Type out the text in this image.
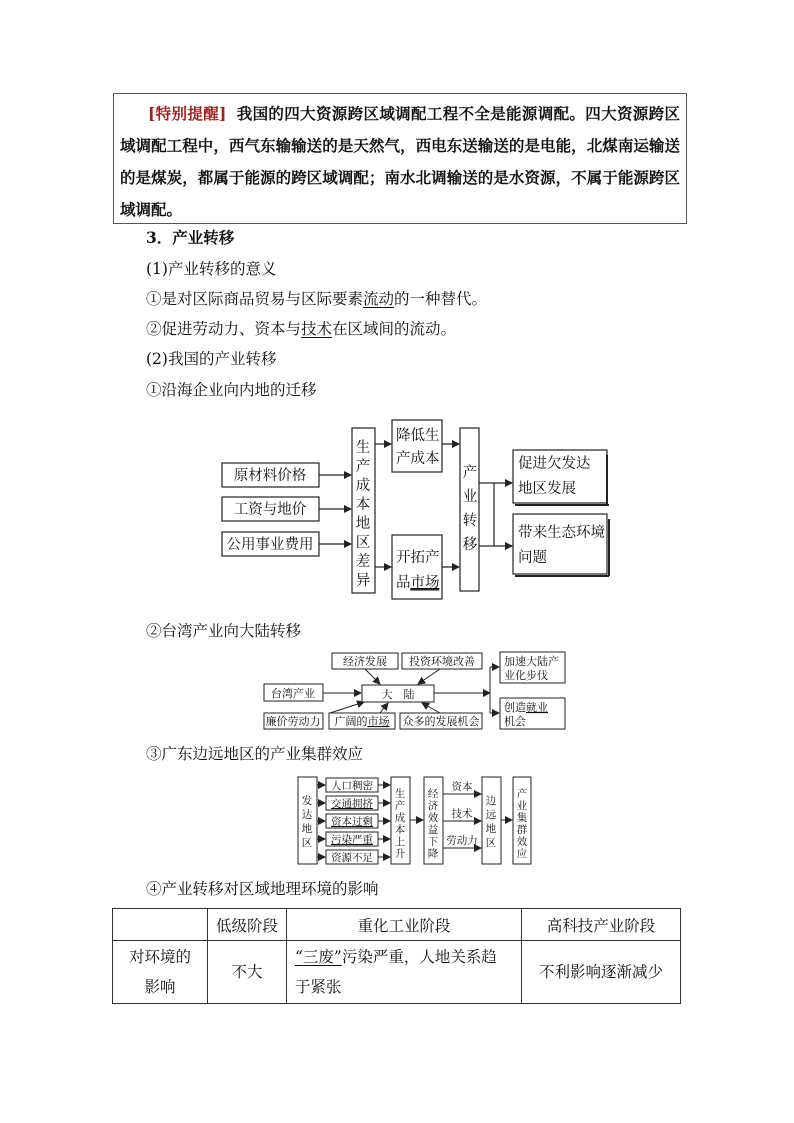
[特别提醒] 我国的四大资源跨区域调配工程不全是能源调配。四大资源跨区域调配工程中，西气东输输送的是天然气，西电东送输送的是电能，北煤南运输送的是煤炭，都属于能源的跨区域调配；南水北调输送的是水资源，不属于能源跨区域调配。
3．产业转移
(1)产业转移的意义
①是对区际商品贸易与区际要素流动的一种替代。
②促进劳动力、资本与技术在区域间的流动。
(2)我国的产业转移
①沿海企业向内地的迁移
②台湾产业向大陆转移
③广东边远地区的产业集群效应
④产业转移对区域地理环境的影响
原材料价格
工资与地价
公用事业费用
生
产
成
本
地
区
差
异
降低生
产成本
开拓产
品市场
产
业
转
移
促进欠发达
地区发展
带来生态环境
问题
台湾产业
经济发展 投资环境改善
大　陆
廉价劳动力 广阔的市场 众多的发展机会
加速大陆产
业化步伐
创造就业
机会
发
达
地
区
人口稠密
交通拥挤
资本过剩
污染严重
资源不足
生
产
成
本
上
升
经
济
效
益
下
降
资本
技术
劳动力
边
远
地
区
产
业
集
群
效
应
	低级阶段	重化工业阶段	高科技产业阶段
对环境的
影响	不大	“三废”污染严重，人地关系趋
于紧张	不利影响逐渐减少
